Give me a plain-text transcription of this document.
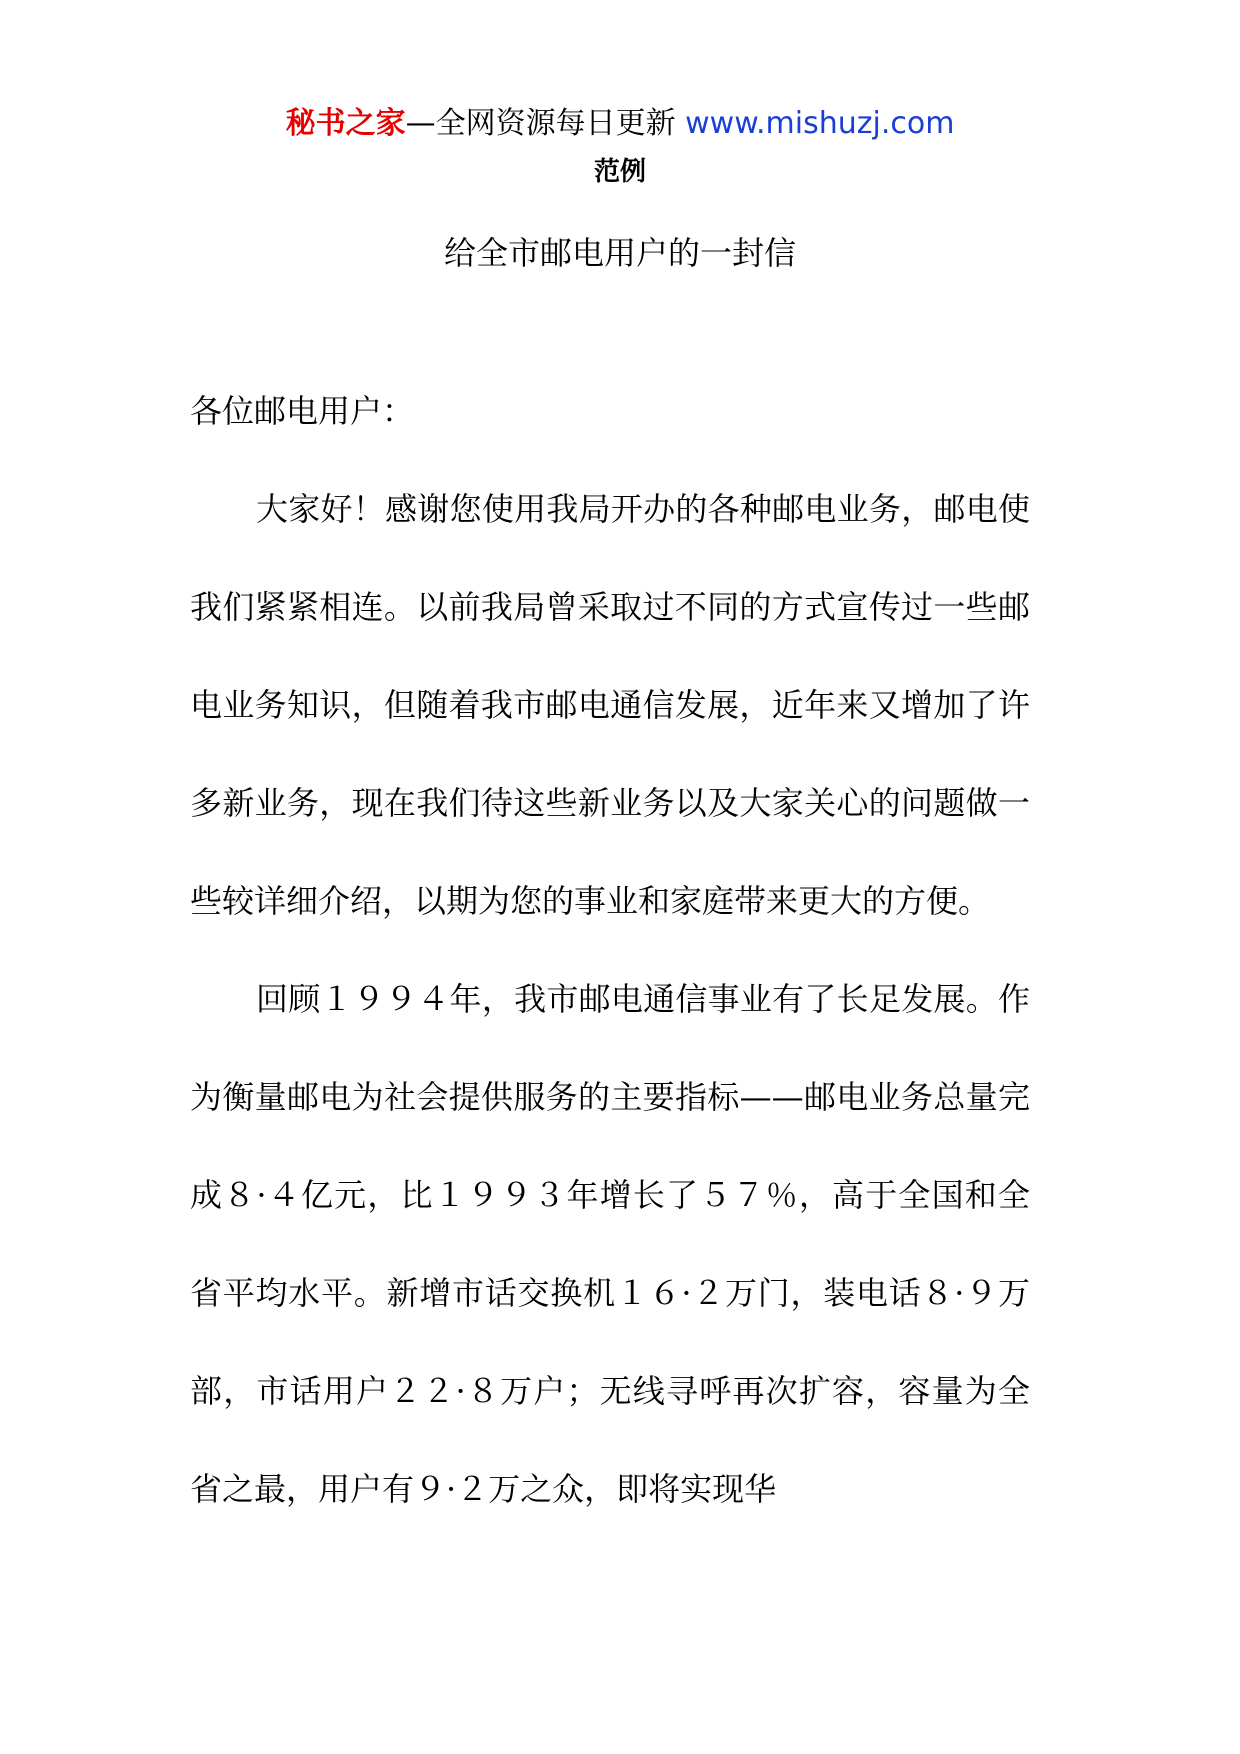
秘书之家—全网资源每日更新 www.mishuzj.com
范例
给全市邮电用户的一封信

各位邮电用户：

大家好！感谢您使用我局开办的各种邮电业务，邮电使我们紧紧相连。以前我局曾采取过不同的方式宣传过一些邮电业务知识，但随着我市邮电通信发展，近年来又增加了许多新业务，现在我们待这些新业务以及大家关心的问题做一些较详细介绍，以期为您的事业和家庭带来更大的方便。

回顾１９９４年，我市邮电通信事业有了长足发展。作为衡量邮电为社会提供服务的主要指标——邮电业务总量完成８·４亿元，比１９９３年增长了５７％，高于全国和全省平均水平。新增市话交换机１６·２万门，装电话８·９万部，市话用户２２·８万户；无线寻呼再次扩容，容量为全省之最，用户有９·２万之众，即将实现华
